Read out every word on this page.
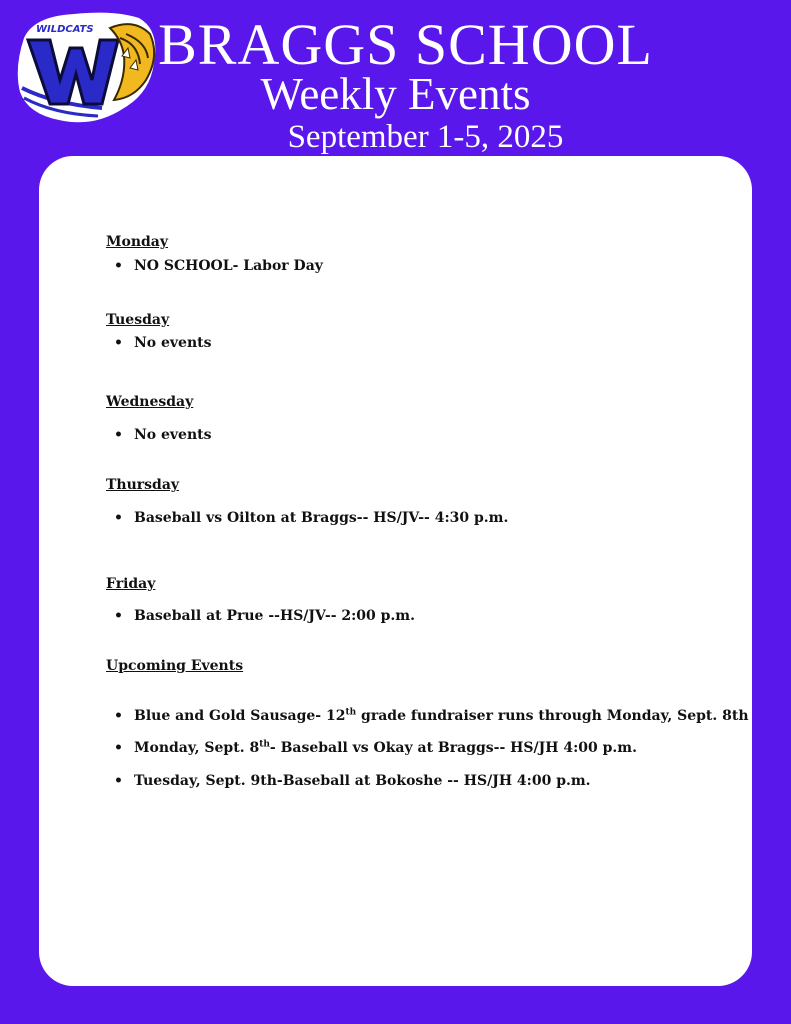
WILDCATS	BRAGGS SCHOOL
Weekly Events
September 1-5, 2025
Monday
• NO SCHOOL- Labor Day
Tuesday
• No events
Wednesday
• No events
Thursday
• Baseball vs Oilton at Braggs-- HS/JV-- 4:30 p.m.
Friday
• Baseball at Prue --HS/JV-- 2:00 p.m.
Upcoming Events
• Blue and Gold Sausage- 12th grade fundraiser runs through Monday, Sept. 8th
• Monday, Sept. 8th- Baseball vs Okay at Braggs-- HS/JH 4:00 p.m.
• Tuesday, Sept. 9th-Baseball at Bokoshe -- HS/JH 4:00 p.m.
